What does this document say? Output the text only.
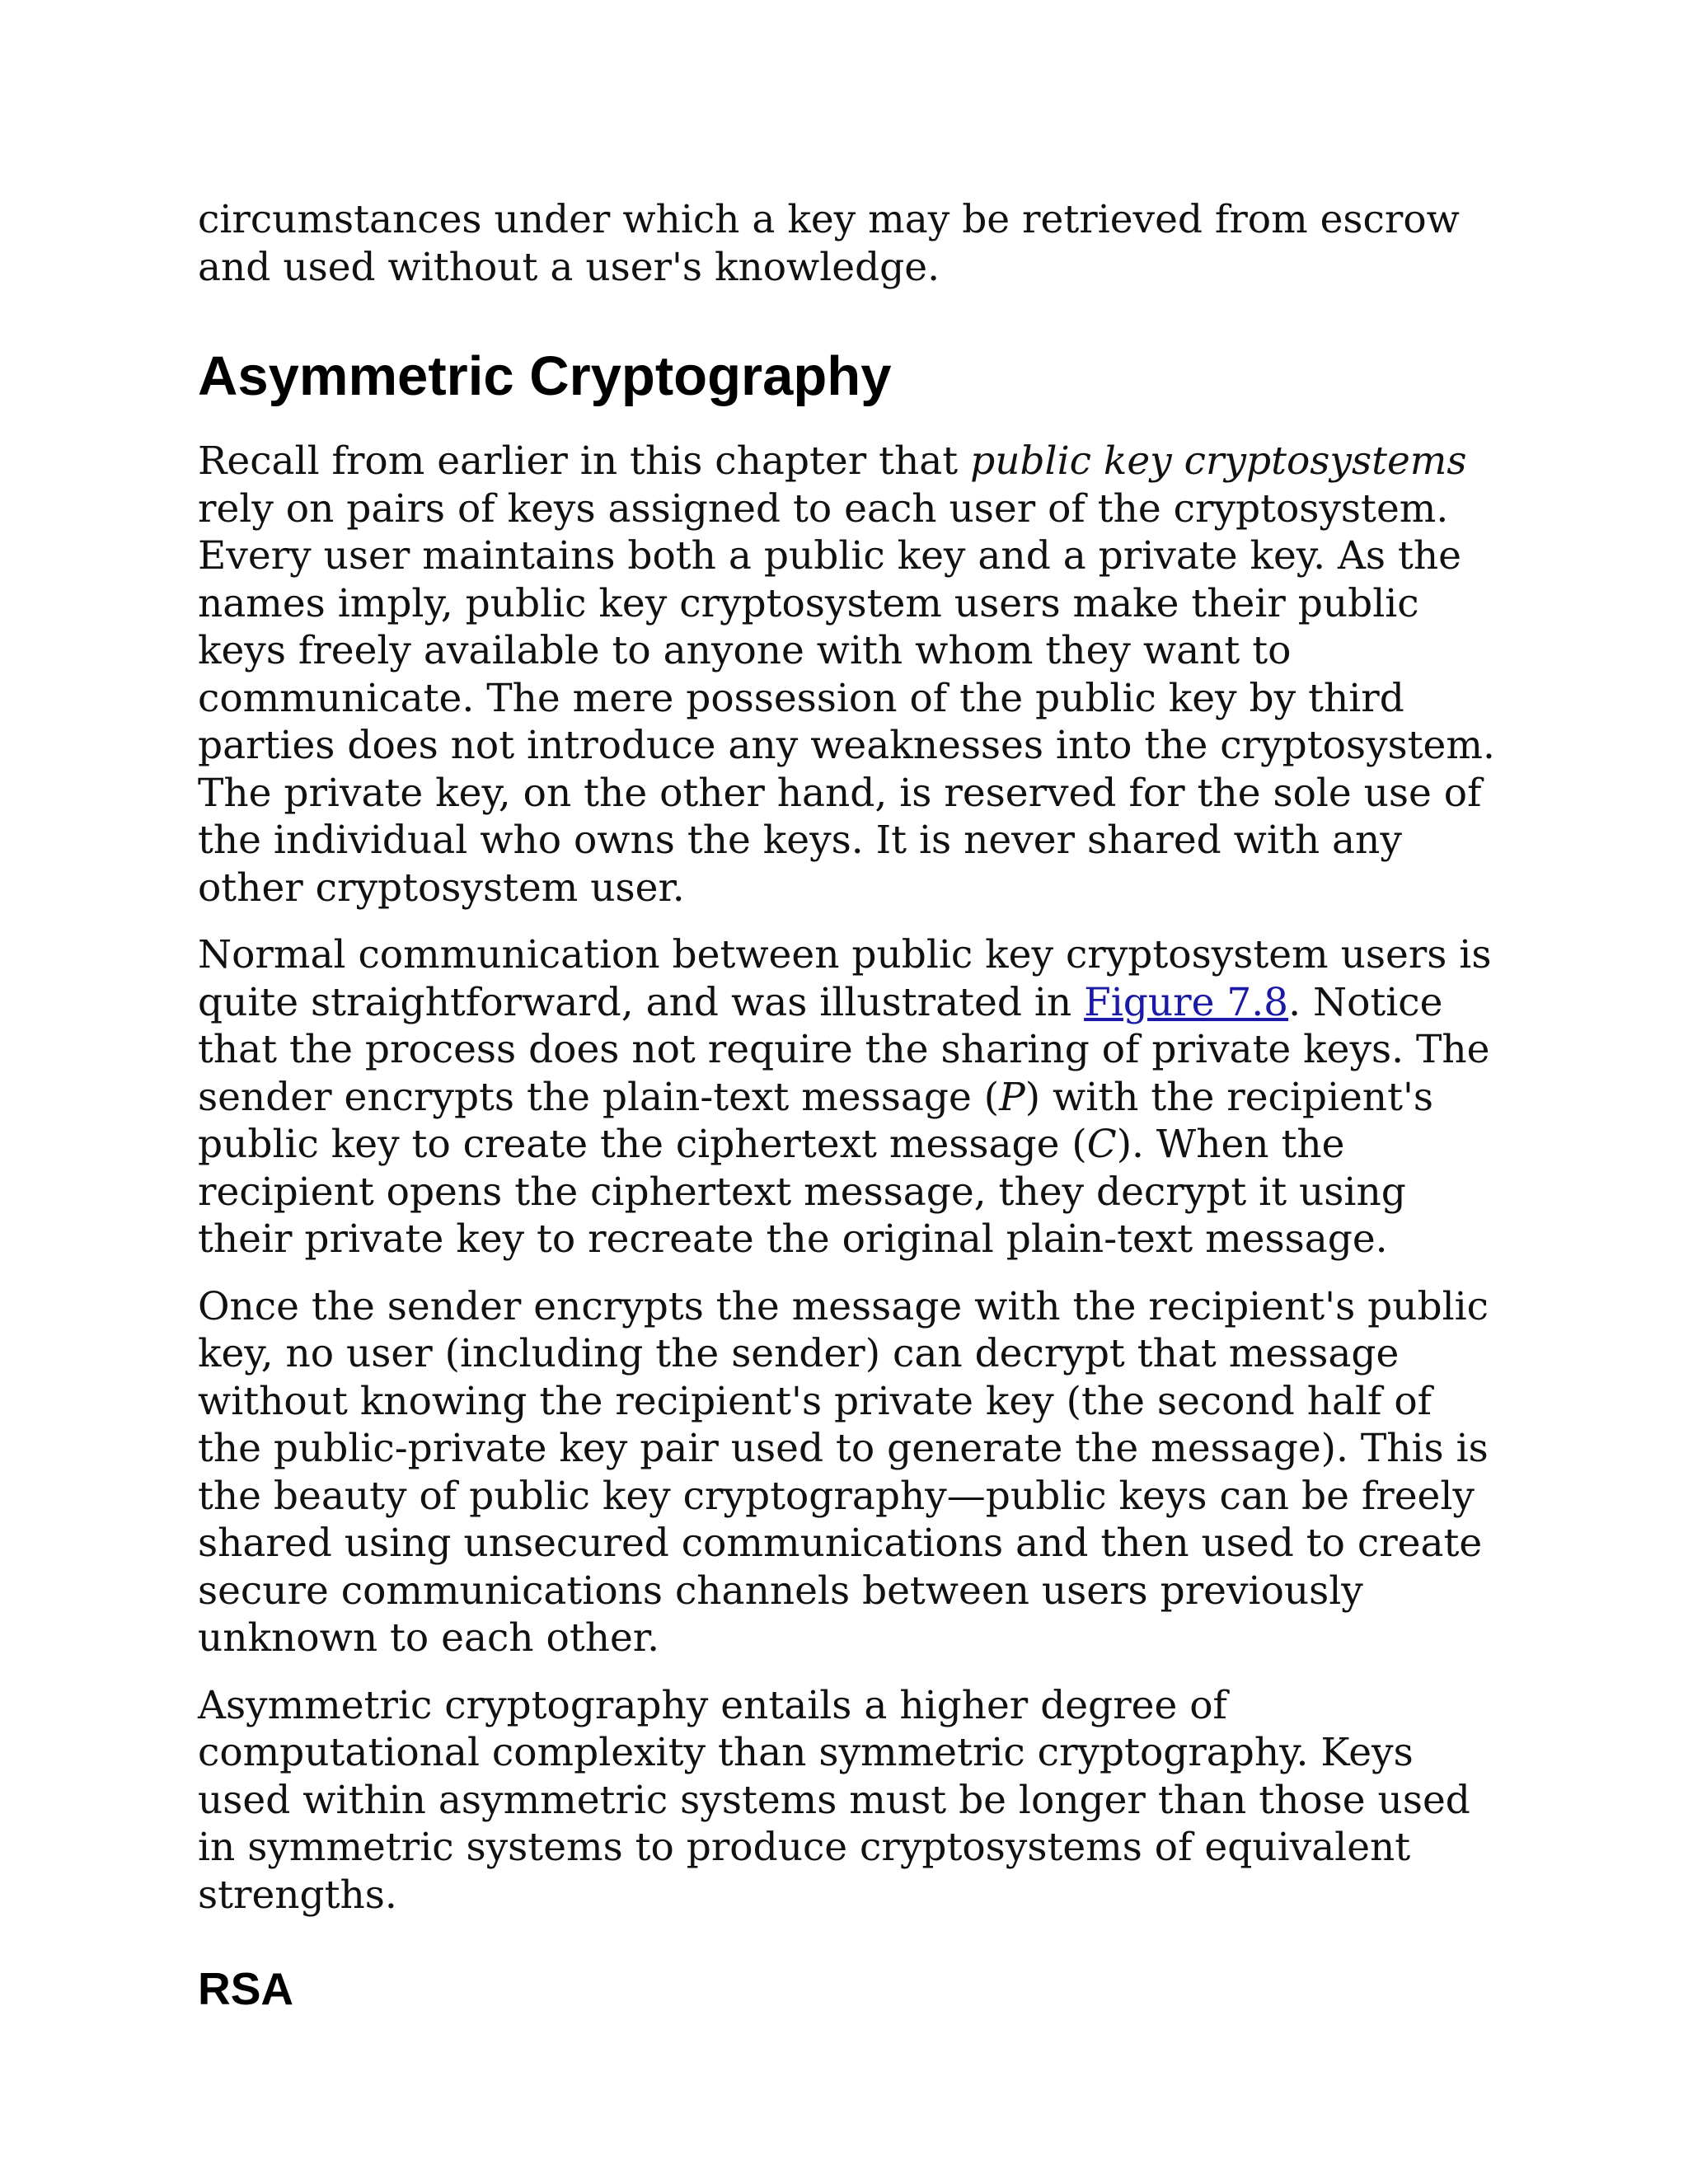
circumstances under which a key may be retrieved from escrow and used without a user's knowledge.

Asymmetric Cryptography

Recall from earlier in this chapter that public key cryptosystems rely on pairs of keys assigned to each user of the cryptosystem. Every user maintains both a public key and a private key. As the names imply, public key cryptosystem users make their public keys freely available to anyone with whom they want to communicate. The mere possession of the public key by third parties does not introduce any weaknesses into the cryptosystem. The private key, on the other hand, is reserved for the sole use of the individual who owns the keys. It is never shared with any other cryptosystem user.

Normal communication between public key cryptosystem users is quite straightforward, and was illustrated in Figure 7.8. Notice that the process does not require the sharing of private keys. The sender encrypts the plain-text message (P) with the recipient's public key to create the ciphertext message (C). When the recipient opens the ciphertext message, they decrypt it using their private key to recreate the original plain-text message.

Once the sender encrypts the message with the recipient's public key, no user (including the sender) can decrypt that message without knowing the recipient's private key (the second half of the public-private key pair used to generate the message). This is the beauty of public key cryptography—public keys can be freely shared using unsecured communications and then used to create secure communications channels between users previously unknown to each other.

Asymmetric cryptography entails a higher degree of computational complexity than symmetric cryptography. Keys used within asymmetric systems must be longer than those used in symmetric systems to produce cryptosystems of equivalent strengths.

RSA
